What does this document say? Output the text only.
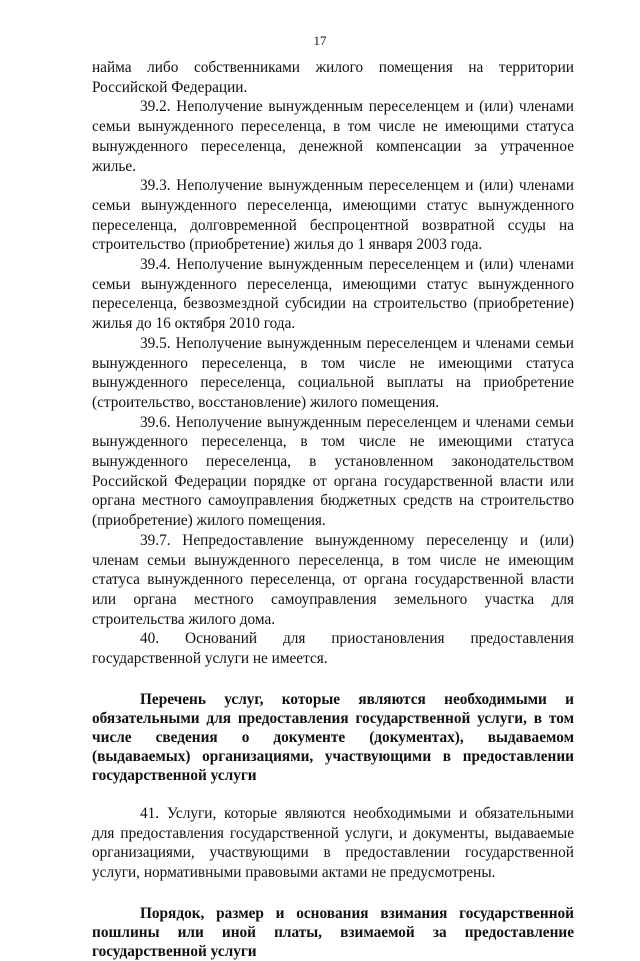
17

найма либо собственниками жилого помещения на территории Российской Федерации.

39.2. Неполучение вынужденным переселенцем и (или) членами семьи вынужденного переселенца, в том числе не имеющими статуса вынужденного переселенца, денежной компенсации за утраченное жилье.

39.3. Неполучение вынужденным переселенцем и (или) членами семьи вынужденного переселенца, имеющими статус вынужденного переселенца, долговременной беспроцентной возвратной ссуды на строительство (приобретение) жилья до 1 января 2003 года.

39.4. Неполучение вынужденным переселенцем и (или) членами семьи вынужденного переселенца, имеющими статус вынужденного переселенца, безвозмездной субсидии на строительство (приобретение) жилья до 16 октября 2010 года.

39.5. Неполучение вынужденным переселенцем и членами семьи вынужденного переселенца, в том числе не имеющими статуса вынужденного переселенца, социальной выплаты на приобретение (строительство, восстановление) жилого помещения.

39.6. Неполучение вынужденным переселенцем и членами семьи вынужденного переселенца, в том числе не имеющими статуса вынужденного переселенца, в установленном законодательством Российской Федерации порядке от органа государственной власти или органа местного самоуправления бюджетных средств на строительство (приобретение) жилого помещения.

39.7. Непредоставление вынужденному переселенцу и (или) членам семьи вынужденного переселенца, в том числе не имеющим статуса вынужденного переселенца, от органа государственной власти или органа местного самоуправления земельного участка для строительства жилого дома.

40. Оснований для приостановления предоставления государственной услуги не имеется.

Перечень услуг, которые являются необходимыми и обязательными для предоставления государственной услуги, в том числе сведения о документе (документах), выдаваемом (выдаваемых) организациями, участвующими в предоставлении государственной услуги

41. Услуги, которые являются необходимыми и обязательными для предоставления государственной услуги, и документы, выдаваемые организациями, участвующими в предоставлении государственной услуги, нормативными правовыми актами не предусмотрены.

Порядок, размер и основания взимания государственной пошлины или иной платы, взимаемой за предоставление государственной услуги
